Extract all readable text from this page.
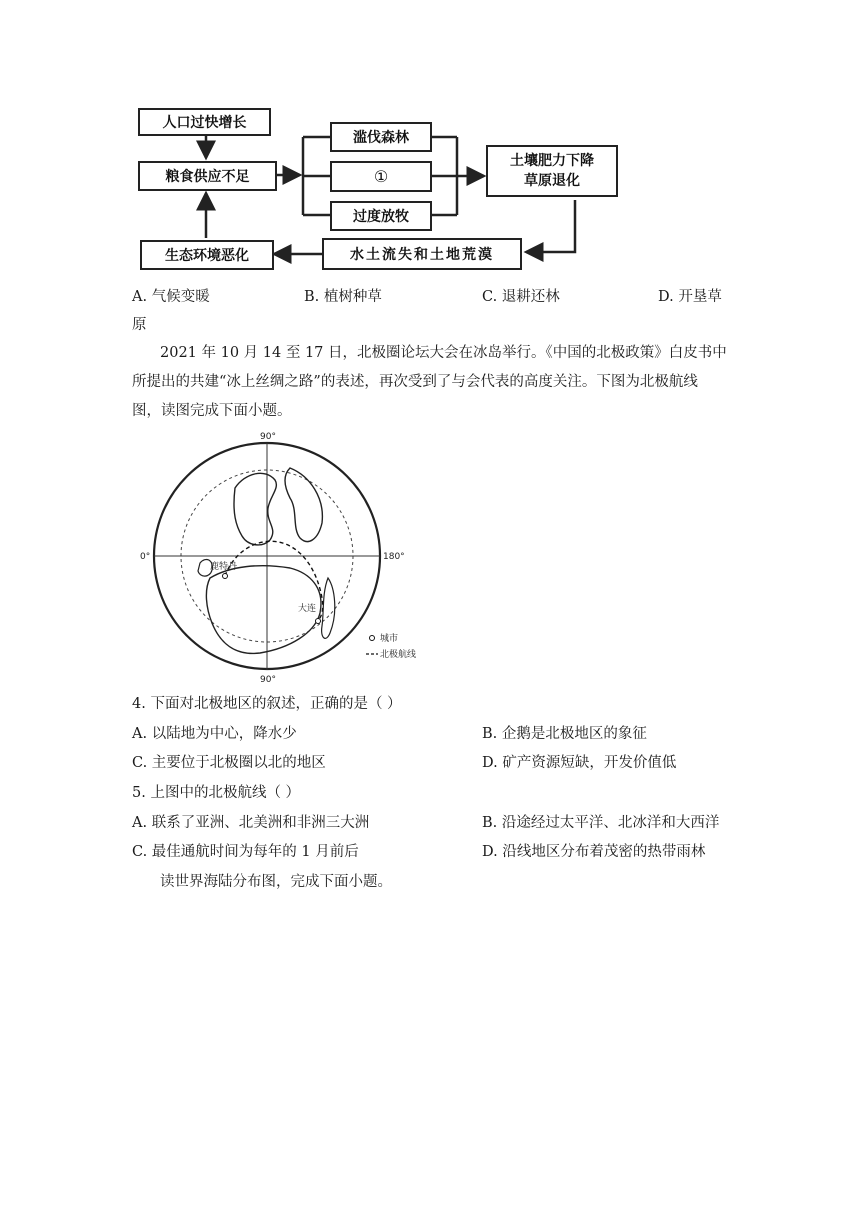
人口过快增长
粮食供应不足
滥伐森林
①
过度放牧
土壤肥力下降
草原退化
水土流失和土地荒漠
生态环境恶化
A. 气候变暖	B. 植树种草	C. 退耕还林	D. 开垦草
原
2021 年 10 月 14 至 17 日，北极圈论坛大会在冰岛举行。《中国的北极政策》白皮书中
所提出的共建“冰上丝绸之路”的表述，再次受到了与会代表的高度关注。下图为北极航线
图，读图完成下面小题。
90°
90°
0°	180°
鹿特丹
大连
城市
北极航线
4. 下面对北极地区的叙述，正确的是（ ）
A. 以陆地为中心，降水少	B. 企鹅是北极地区的象征
C. 主要位于北极圈以北的地区	D. 矿产资源短缺，开发价值低
5. 上图中的北极航线（ ）
A. 联系了亚洲、北美洲和非洲三大洲	B. 沿途经过太平洋、北冰洋和大西洋
C. 最佳通航时间为每年的 1 月前后	D. 沿线地区分布着茂密的热带雨林
读世界海陆分布图，完成下面小题。
